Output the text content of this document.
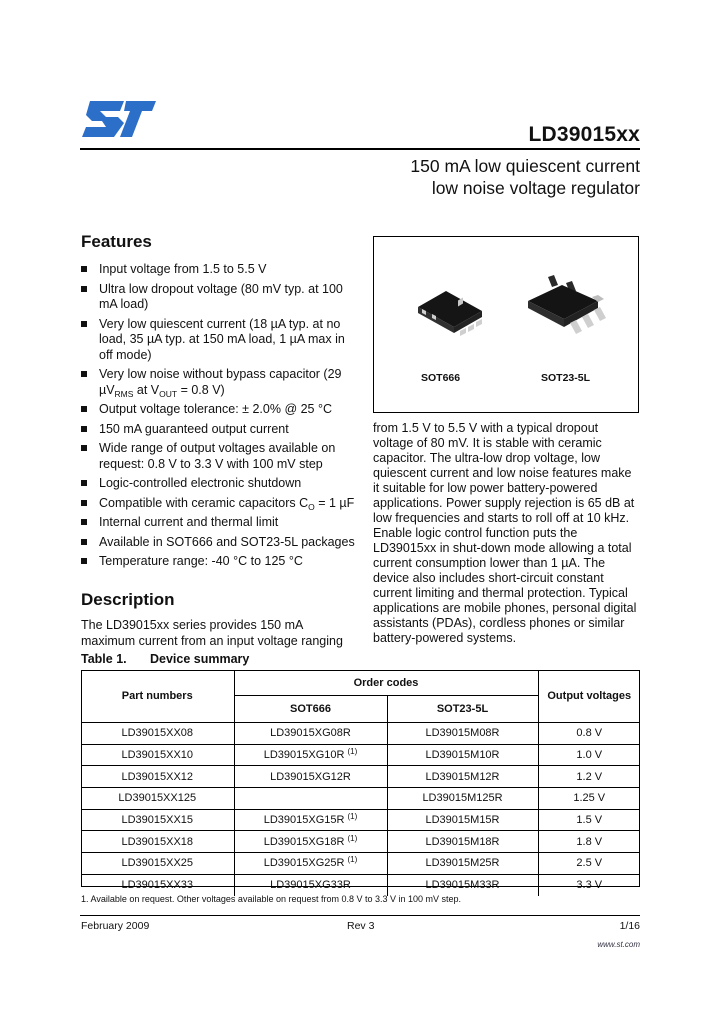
LD39015xx
150 mA low quiescent current
low noise voltage regulator
Features
Input voltage from 1.5 to 5.5 V
Ultra low dropout voltage (80 mV typ. at 100 mA load)
Very low quiescent current (18 µA typ. at no load, 35 µA typ. at 150 mA load, 1 µA max in off mode)
Very low noise without bypass capacitor (29 µV$_{RMS}$ at $V_{OUT} = 0.8$ V)
Output voltage tolerance: ± 2.0% @ 25 °C
150 mA guaranteed output current
Wide range of output voltages available on request: 0.8 V to 3.3 V with 100 mV step
Logic-controlled electronic shutdown
Compatible with ceramic capacitors $C_O = 1$ µF
Internal current and thermal limit
Available in SOT666 and SOT23-5L packages
Temperature range: -40 °C to 125 °C
SOT666	SOT23-5L
Description
The LD39015xx series provides 150 mA maximum current from an input voltage ranging
from 1.5 V to 5.5 V with a typical dropout voltage of 80 mV. It is stable with ceramic capacitor. The ultra-low drop voltage, low quiescent current and low noise features make it suitable for low power battery-powered applications. Power supply rejection is 65 dB at low frequencies and starts to roll off at 10 kHz. Enable logic control function puts the LD39015xx in shut-down mode allowing a total current consumption lower than 1 µA. The device also includes short-circuit constant current limiting and thermal protection. Typical applications are mobile phones, personal digital assistants (PDAs), cordless phones or similar battery-powered systems.
Table 1. Device summary
Part numbers	Order codes		Output voltages
	SOT666	SOT23-5L	
LD39015XX08	LD39015XG08R	LD39015M08R	0.8 V
LD39015XX10	LD39015XG10R $^{(1)}$	LD39015M10R	1.0 V
LD39015XX12	LD39015XG12R	LD39015M12R	1.2 V
LD39015XX125		LD39015M125R	1.25 V
LD39015XX15	LD39015XG15R $^{(1)}$	LD39015M15R	1.5 V
LD39015XX18	LD39015XG18R $^{(1)}$	LD39015M18R	1.8 V
LD39015XX25	LD39015XG25R $^{(1)}$	LD39015M25R	2.5 V
LD39015XX33	LD39015XG33R	LD39015M33R	3.3 V
1. Available on request. Other voltages available on request from 0.8 V to 3.3 V in 100 mV step.
February 2009	Rev 3	1/16
www.st.com
